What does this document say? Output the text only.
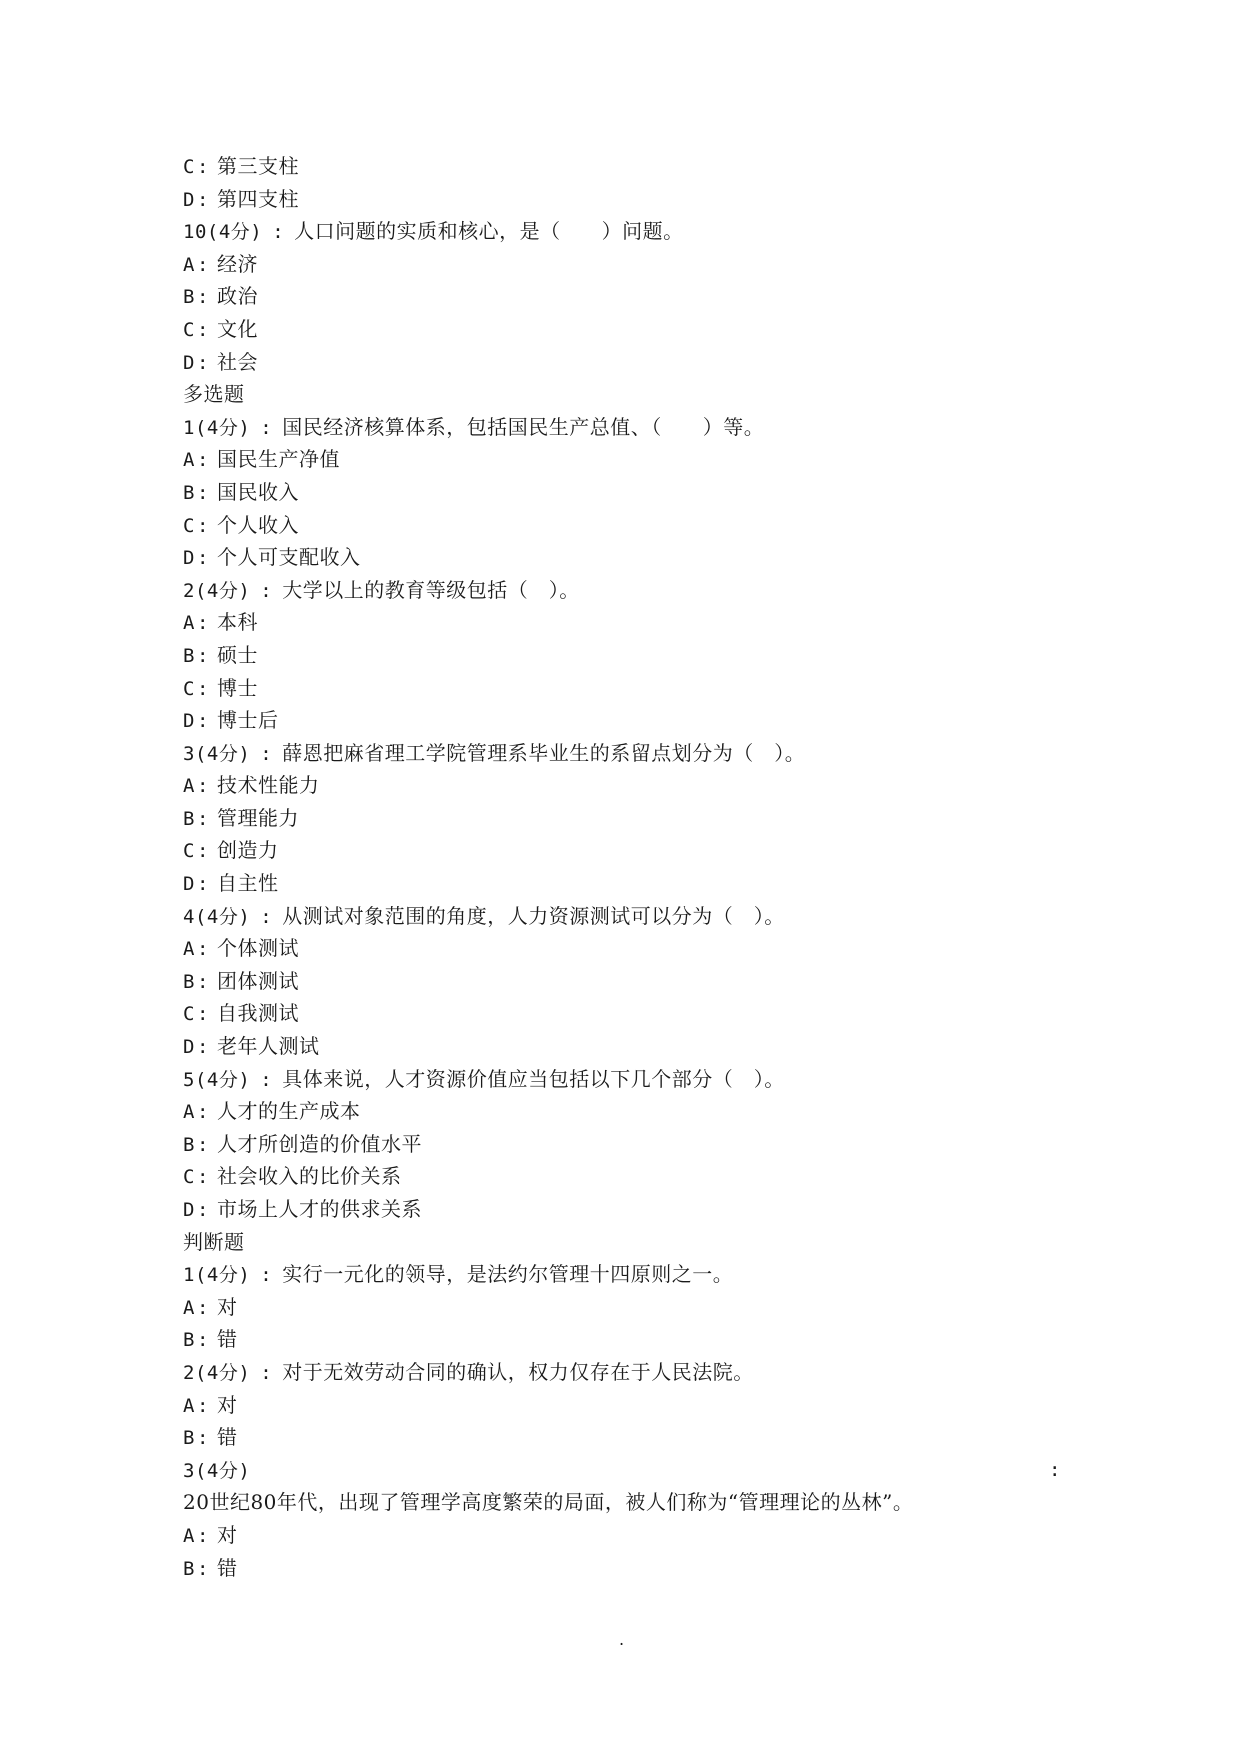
C : 第三支柱
D : 第四支柱
10(4分) : 人口问题的实质和核心，是（　　）问题。
A : 经济
B : 政治
C : 文化
D : 社会
多选题
1(4分) : 国民经济核算体系，包括国民生产总值、（　　）等。
A : 国民生产净值
B : 国民收入
C : 个人收入
D : 个人可支配收入
2(4分) : 大学以上的教育等级包括（　）。
A : 本科
B : 硕士
C : 博士
D : 博士后
3(4分) : 薛恩把麻省理工学院管理系毕业生的系留点划分为（　）。
A : 技术性能力
B : 管理能力
C : 创造力
D : 自主性
4(4分) : 从测试对象范围的角度，人力资源测试可以分为（　）。
A : 个体测试
B : 团体测试
C : 自我测试
D : 老年人测试
5(4分) : 具体来说，人才资源价值应当包括以下几个部分（　）。
A : 人才的生产成本
B : 人才所创造的价值水平
C : 社会收入的比价关系
D : 市场上人才的供求关系
判断题
1(4分) : 实行一元化的领导，是法约尔管理十四原则之一。
A : 对
B : 错
2(4分) : 对于无效劳动合同的确认，权力仅存在于人民法院。
A : 对
B : 错
3(4分)	:
20世纪80年代，出现了管理学高度繁荣的局面，被人们称为“管理理论的丛林”。
A : 对
B : 错
.
